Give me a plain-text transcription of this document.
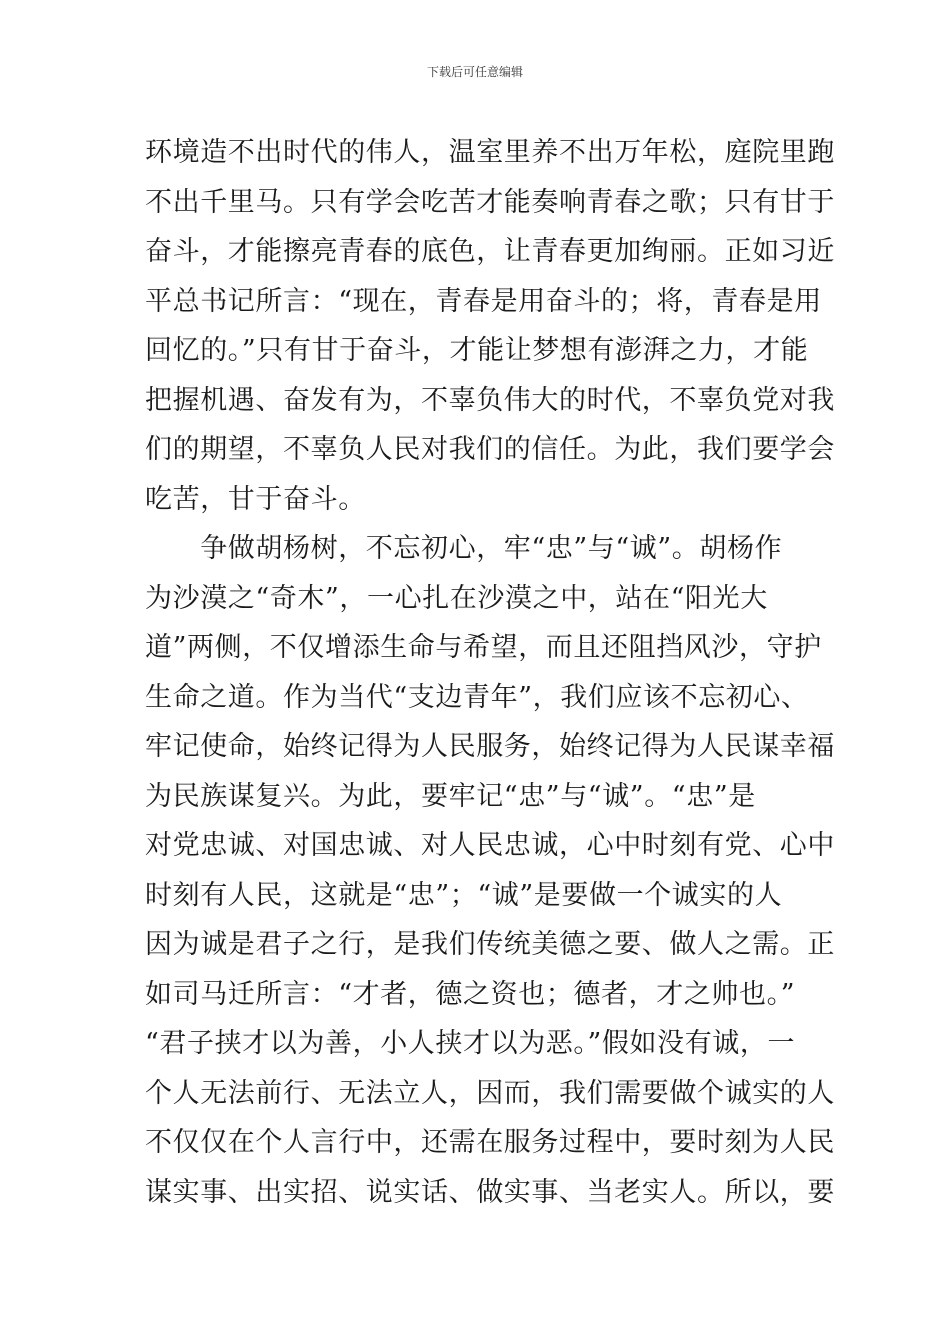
下载后可任意编辑
环境造不出时代的伟人，温室里养不出万年松，庭院里跑
不出千里马。只有学会吃苦才能奏响青春之歌；只有甘于
奋斗，才能擦亮青春的底色，让青春更加绚丽。正如习近
平总书记所言：“现在，青春是用奋斗的；将，青春是用
回忆的。”只有甘于奋斗，才能让梦想有澎湃之力，才能
把握机遇、奋发有为，不辜负伟大的时代，不辜负党对我
们的期望，不辜负人民对我们的信任。为此，我们要学会
吃苦，甘于奋斗。
　　争做胡杨树，不忘初心，牢“忠”与“诚”。胡杨作
为沙漠之“奇木”，一心扎在沙漠之中，站在“阳光大
道”两侧，不仅增添生命与希望，而且还阻挡风沙，守护
生命之道。作为当代“支边青年”，我们应该不忘初心、
牢记使命，始终记得为人民服务，始终记得为人民谋幸福
为民族谋复兴。为此，要牢记“忠”与“诚”。“忠”是
对党忠诚、对国忠诚、对人民忠诚，心中时刻有党、心中
时刻有人民，这就是“忠”；“诚”是要做一个诚实的人
因为诚是君子之行，是我们传统美德之要、做人之需。正
如司马迁所言：“才者，德之资也；德者，才之帅也。”
“君子挟才以为善，小人挟才以为恶。”假如没有诚，一
个人无法前行、无法立人，因而，我们需要做个诚实的人
不仅仅在个人言行中，还需在服务过程中，要时刻为人民
谋实事、出实招、说实话、做实事、当老实人。所以，要
